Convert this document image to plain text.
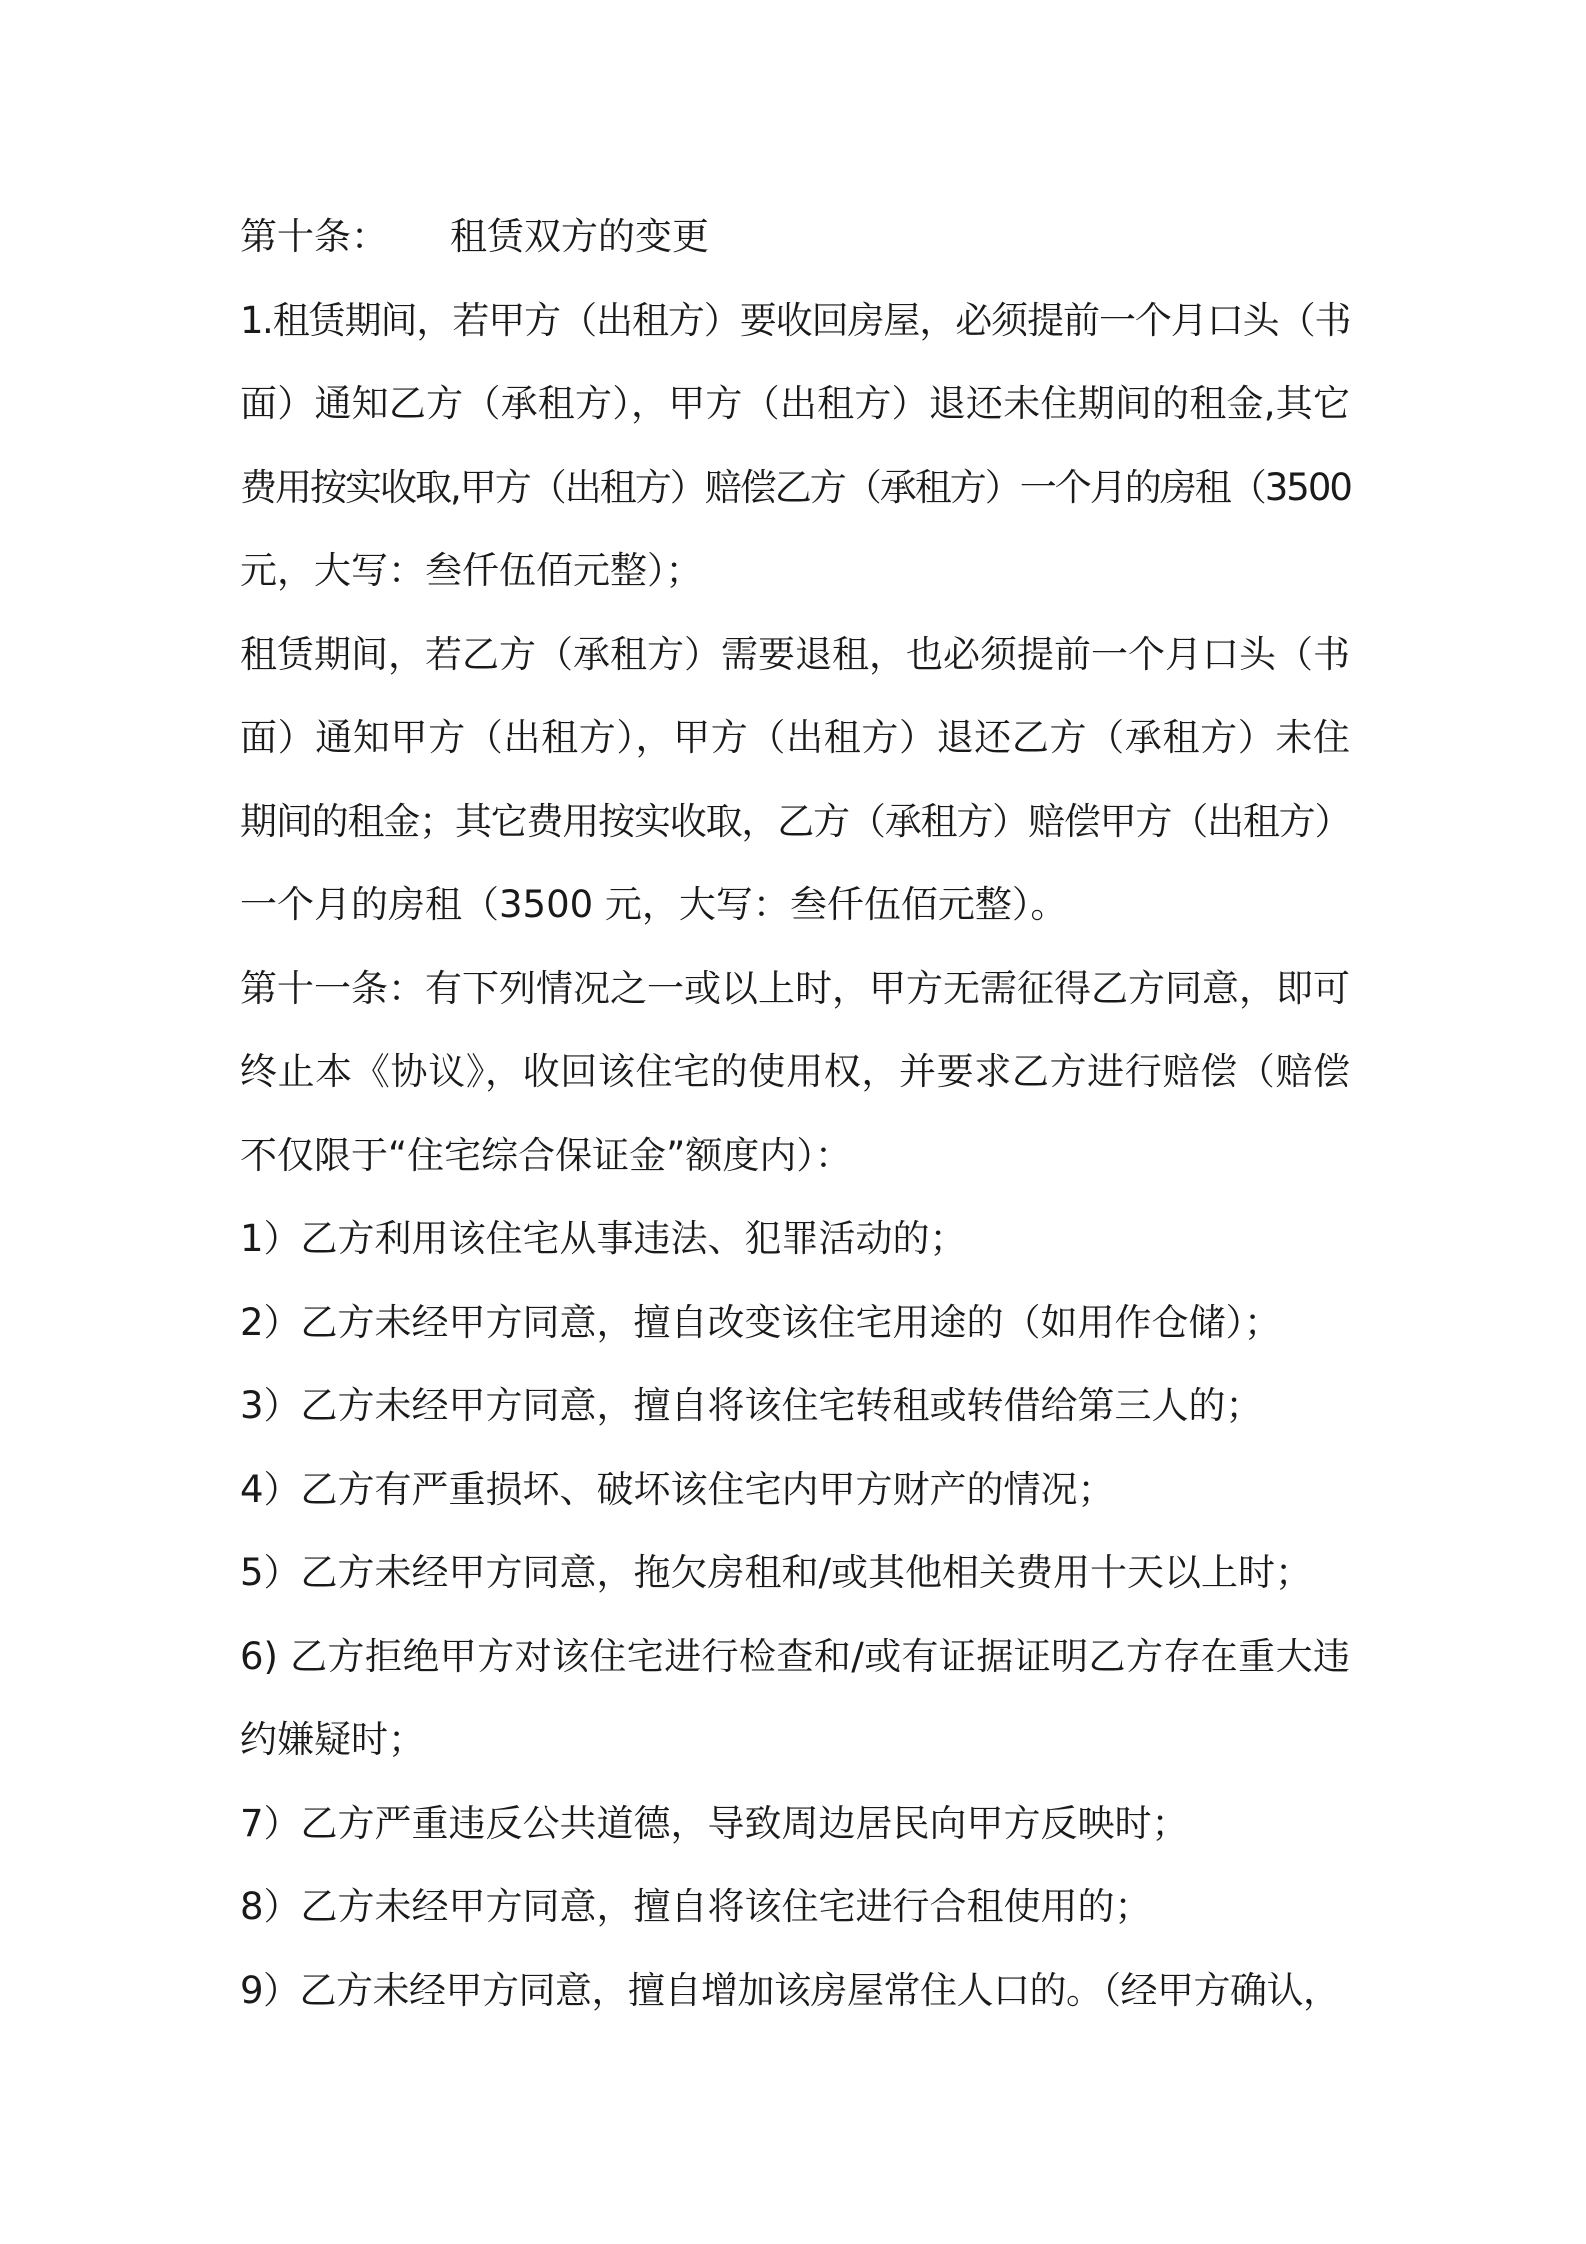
第十条： 租赁双方的变更
1.租赁期间，若甲方（出租方）要收回房屋，必须提前一个月口头（书
面）通知乙方（承租方），甲方（出租方）退还未住期间的租金,其它
费用按实收取,甲方（出租方）赔偿乙方（承租方）一个月的房租（3500
元，大写：叁仟伍佰元整）；
租赁期间，若乙方（承租方）需要退租，也必须提前一个月口头（书
面）通知甲方（出租方），甲方（出租方）退还乙方（承租方）未住
期间的租金；其它费用按实收取，乙方（承租方）赔偿甲方（出租方）
一个月的房租（3500 元，大写：叁仟伍佰元整）。
第十一条：有下列情况之一或以上时，甲方无需征得乙方同意，即可
终止本《协议》，收回该住宅的使用权，并要求乙方进行赔偿（赔偿
不仅限于“住宅综合保证金”额度内）：
1）乙方利用该住宅从事违法、犯罪活动的；
2）乙方未经甲方同意，擅自改变该住宅用途的（如用作仓储）；
3）乙方未经甲方同意，擅自将该住宅转租或转借给第三人的；
4）乙方有严重损坏、破坏该住宅内甲方财产的情况；
5）乙方未经甲方同意，拖欠房租和/或其他相关费用十天以上时；
6) 乙方拒绝甲方对该住宅进行检查和/或有证据证明乙方存在重大违
约嫌疑时；
7）乙方严重违反公共道德，导致周边居民向甲方反映时；
8）乙方未经甲方同意，擅自将该住宅进行合租使用的；
9）乙方未经甲方同意，擅自增加该房屋常住人口的。（经甲方确认，
